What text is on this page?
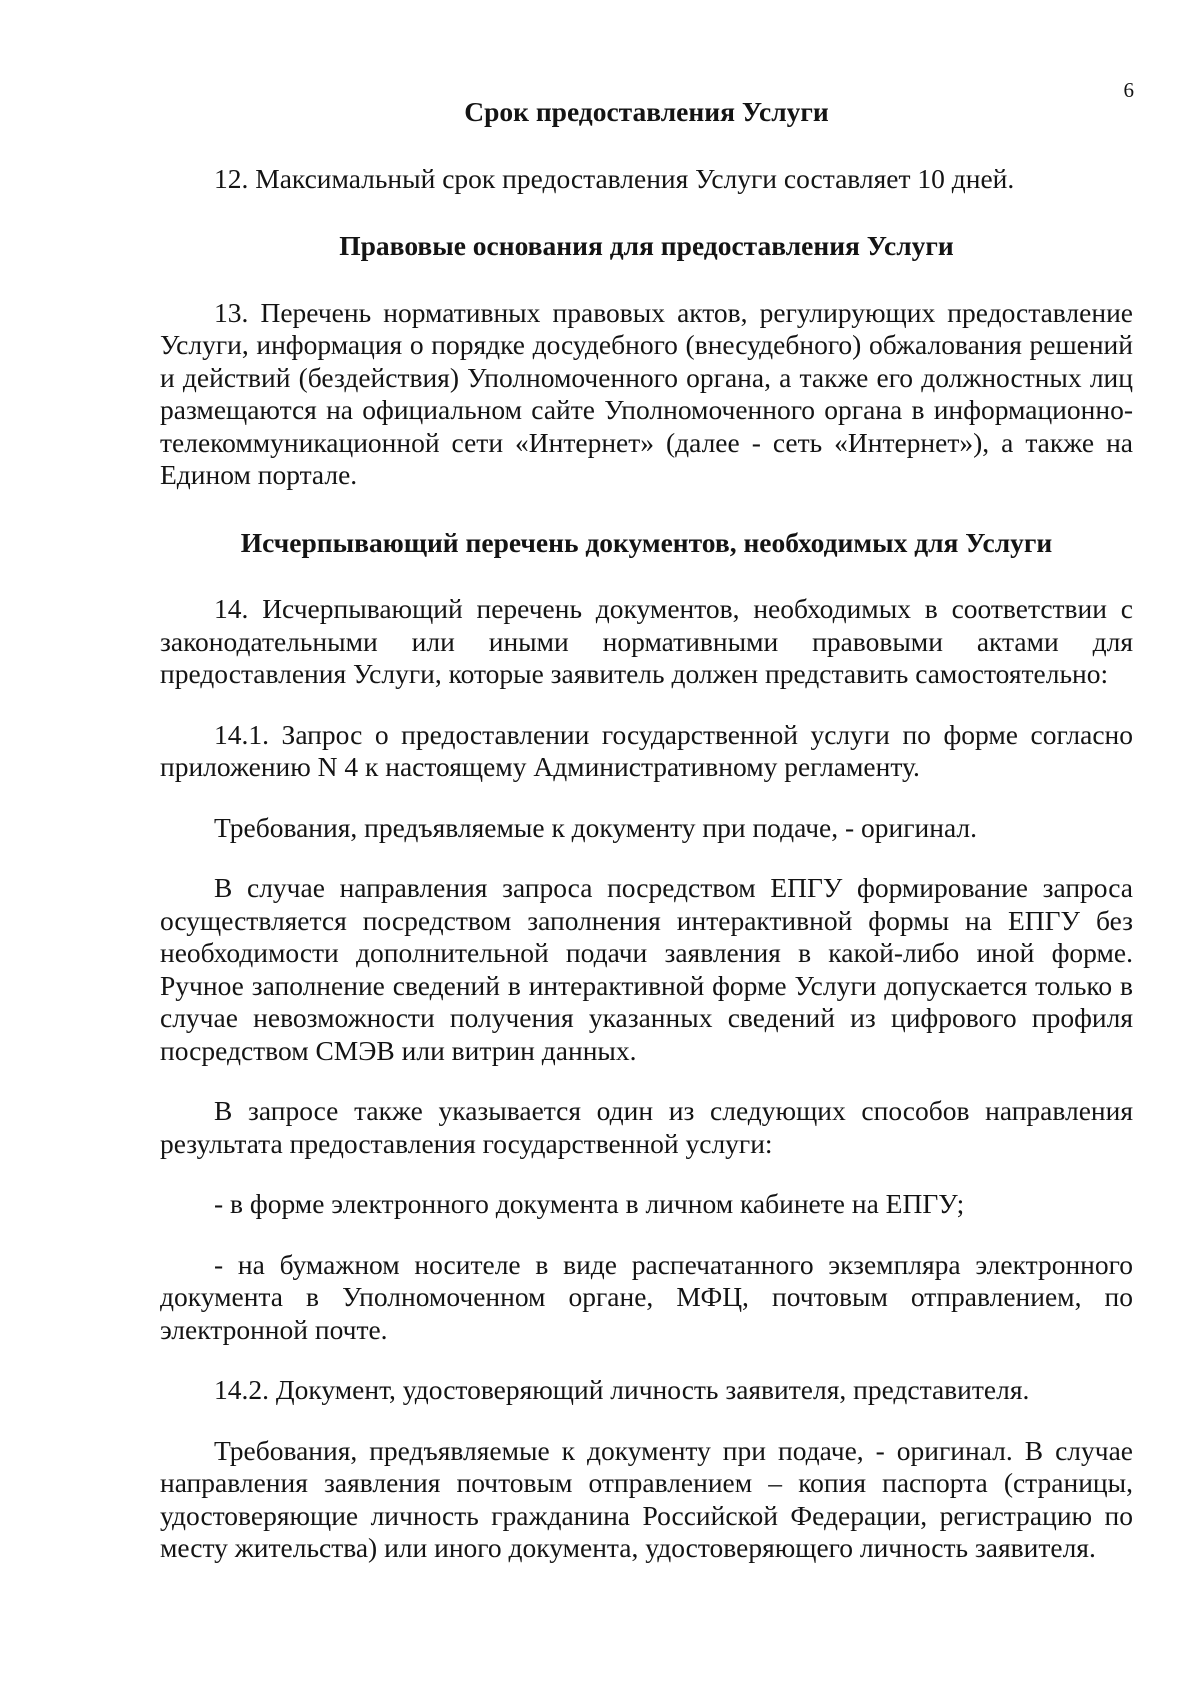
6
Срок предоставления Услуги

12. Максимальный срок предоставления Услуги составляет 10 дней.

Правовые основания для предоставления Услуги

13. Перечень нормативных правовых актов, регулирующих предоставление Услуги, информация о порядке досудебного (внесудебного) обжалования решений и действий (бездействия) Уполномоченного органа, а также его должностных лиц размещаются на официальном сайте Уполномоченного органа в информационно-телекоммуникационной сети «Интернет» (далее - сеть «Интернет»), а также на Едином портале.

Исчерпывающий перечень документов, необходимых для Услуги

14. Исчерпывающий перечень документов, необходимых в соответствии с законодательными или иными нормативными правовыми актами для предоставления Услуги, которые заявитель должен представить самостоятельно:

14.1. Запрос о предоставлении государственной услуги по форме согласно приложению N 4 к настоящему Административному регламенту.

Требования, предъявляемые к документу при подаче, - оригинал.

В случае направления запроса посредством ЕПГУ формирование запроса осуществляется посредством заполнения интерактивной формы на ЕПГУ без необходимости дополнительной подачи заявления в какой-либо иной форме. Ручное заполнение сведений в интерактивной форме Услуги допускается только в случае невозможности получения указанных сведений из цифрового профиля посредством СМЭВ или витрин данных.

В запросе также указывается один из следующих способов направления результата предоставления государственной услуги:

- в форме электронного документа в личном кабинете на ЕПГУ;

- на бумажном носителе в виде распечатанного экземпляра электронного документа в Уполномоченном органе, МФЦ, почтовым отправлением, по электронной почте.

14.2. Документ, удостоверяющий личность заявителя, представителя.

Требования, предъявляемые к документу при подаче, - оригинал. В случае направления заявления почтовым отправлением – копия паспорта (страницы, удостоверяющие личность гражданина Российской Федерации, регистрацию по месту жительства) или иного документа, удостоверяющего личность заявителя.
